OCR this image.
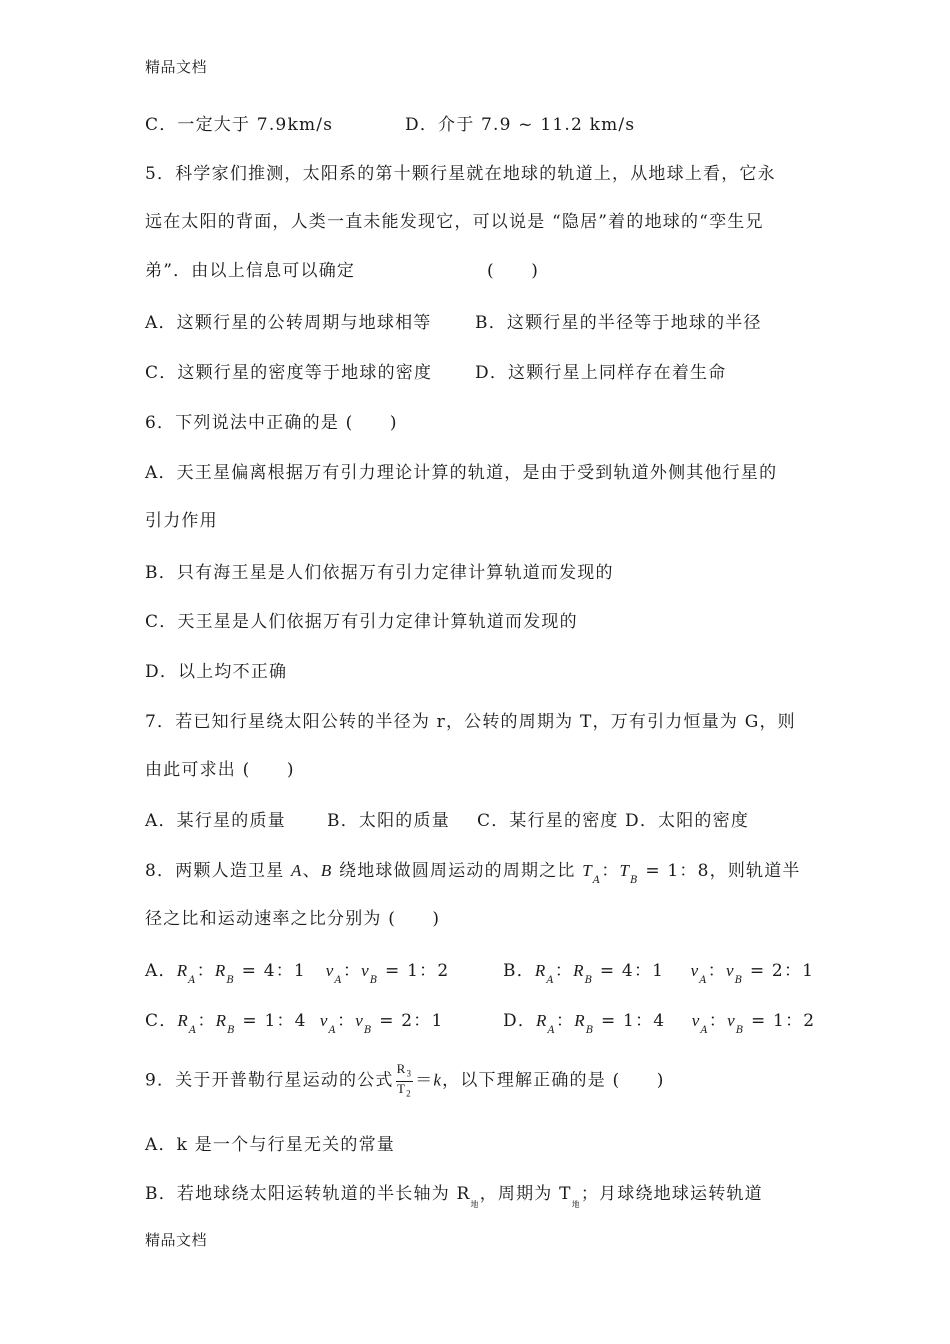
精品文档
C．一定大于 7.9km/s	D．介于 7.9 ~ 11.2 km/s
5．科学家们推测，太阳系的第十颗行星就在地球的轨道上，从地球上看，它永
远在太阳的背面，人类一直未能发现它，可以说是 “隐居”着的地球的“孪生兄
弟”．由以上信息可以确定	(　　)
A．这颗行星的公转周期与地球相等	B．这颗行星的半径等于地球的半径
C．这颗行星的密度等于地球的密度	D．这颗行星上同样存在着生命
6．下列说法中正确的是 (　　)
A．天王星偏离根据万有引力理论计算的轨道，是由于受到轨道外侧其他行星的
引力作用
B．只有海王星是人们依据万有引力定律计算轨道而发现的
C．天王星是人们依据万有引力定律计算轨道而发现的
D．以上均不正确
7．若已知行星绕太阳公转的半径为 r，公转的周期为 T，万有引力恒量为 G，则
由此可求出 (　　)
A．某行星的质量 B．太阳的质量 C．某行星的密度 D．太阳的密度
8．两颗人造卫星 A、B 绕地球做圆周运动的周期之比 $T_A$：$T_B = 1$：8，则轨道半
径之比和运动速率之比分别为 (　　)
A．$R_A$：$R_B = 4$：1 $v_A$：$v_B = 1$：2	B．$R_A$：$R_B = 4$：1 $v_A$：$v_B = 2$：1
C．$R_A$：$R_B = 1$：4 $v_A$：$v_B = 2$：1	D．$R_A$：$R_B = 1$：4 $v_A$：$v_B = 1$：2
9．关于开普勒行星运动的公式 $\frac{R_3}{T_2} =k$，以下理解正确的是 (　　)
A．k 是一个与行星无关的常量
B．若地球绕太阳运转轨道的半长轴为 $R_地$，周期为 $T_地$；月球绕地球运转轨道
精品文档
